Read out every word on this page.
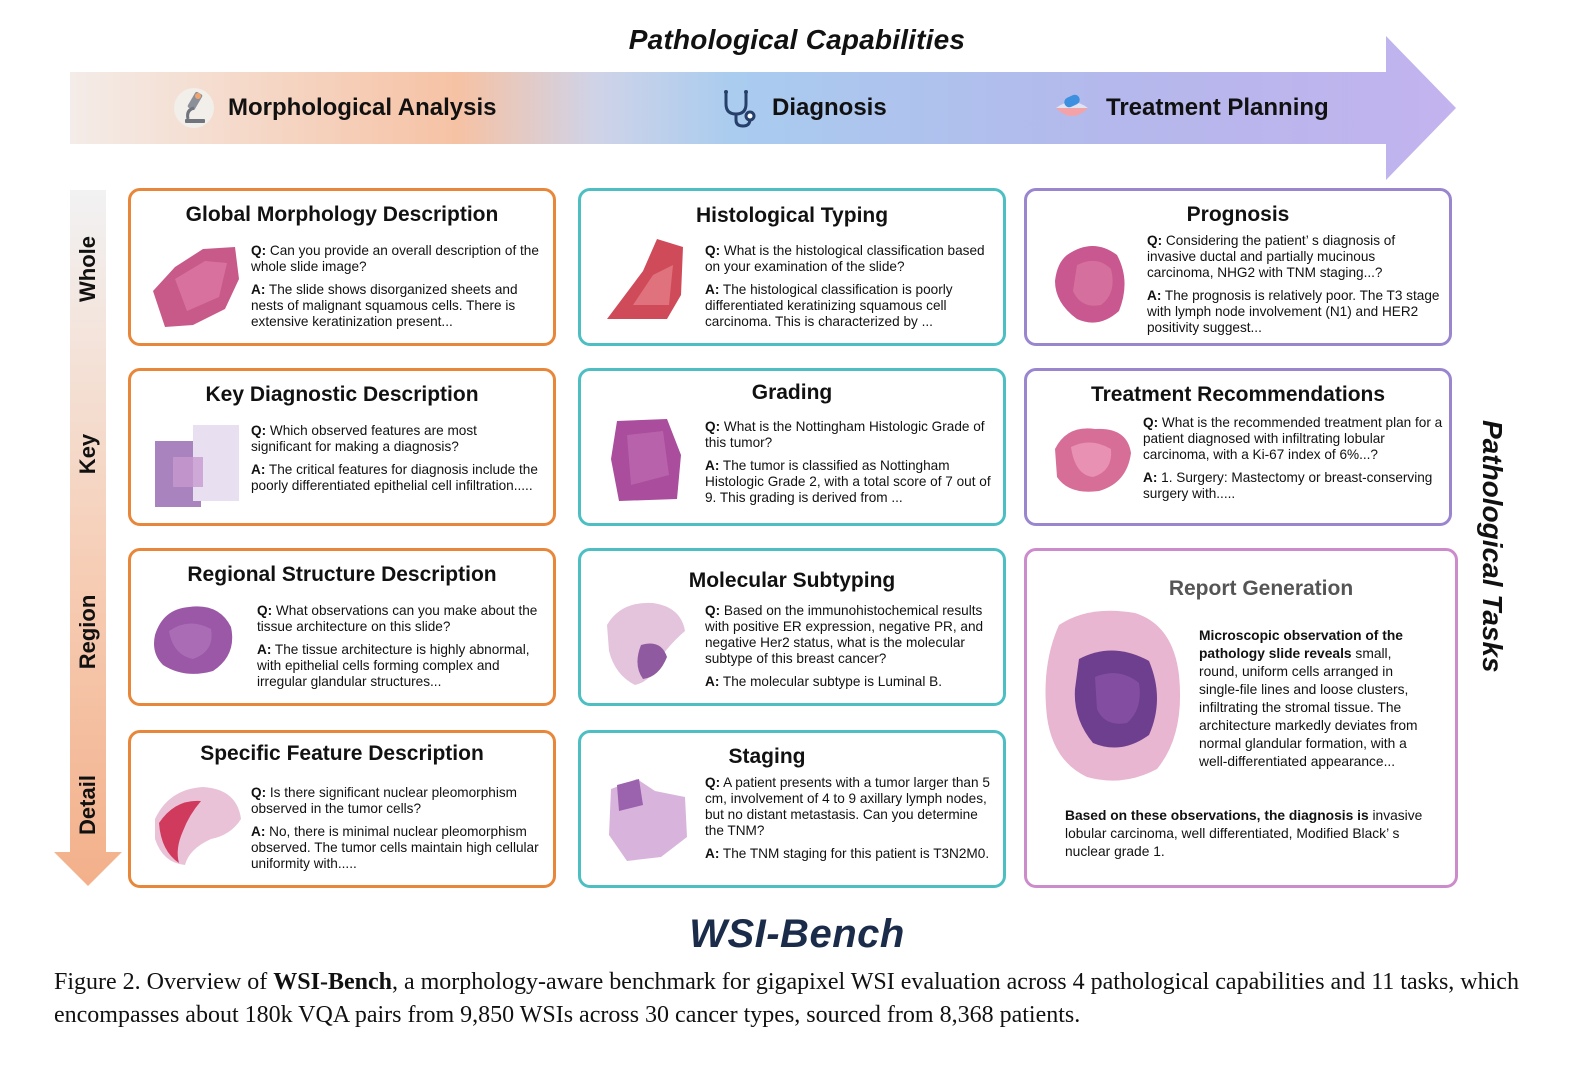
Pathological Capabilities
Morphological Analysis	Diagnosis	Treatment Planning
Whole
Key
Region
Detail
Pathological Tasks
Global Morphology Description

Q: Can you provide an overall description of the whole slide image?

A: The slide shows disorganized sheets and nests of malignant squamous cells. There is extensive keratinization present...

Histological Typing

Q: What is the histological classification based on your examination of the slide?

A: The histological classification is poorly differentiated keratinizing squamous cell carcinoma. This is characterized by ...

Prognosis

Q: Considering the patient’ s diagnosis of invasive ductal and partially mucinous carcinoma, NHG2 with TNM staging...?

A: The prognosis is relatively poor. The T3 stage with lymph node involvement (N1) and HER2 positivity suggest...

Key Diagnostic Description

Q: Which observed features are most significant for making a diagnosis?

A: The critical features for diagnosis include the poorly differentiated epithelial cell infiltration.....

Grading

Q: What is the Nottingham Histologic Grade of this tumor?

A: The tumor is classified as Nottingham Histologic Grade 2, with a total score of 7 out of 9. This grading is derived from ...

Treatment Recommendations

Q: What is the recommended treatment plan for a patient diagnosed with infiltrating lobular carcinoma, with a Ki-67 index of 6%...?

A: 1. Surgery: Mastectomy or breast-conserving surgery with.....

Regional Structure Description

Q: What observations can you make about the tissue architecture on this slide?

A: The tissue architecture is highly abnormal, with epithelial cells forming complex and irregular glandular structures...

Molecular Subtyping

Q: Based on the immunohistochemical results with positive ER expression, negative PR, and negative Her2 status, what is the molecular subtype of this breast cancer?

A: The molecular subtype is Luminal B.

Report Generation
Microscopic observation of the pathology slide reveals small, round, uniform cells arranged in single-file lines and loose clusters, infiltrating the stromal tissue. The architecture markedly deviates from normal glandular formation, with a well-differentiated appearance...
Based on these observations, the diagnosis is invasive lobular carcinoma, well differentiated, Modified Black’ s nuclear grade 1.
Specific Feature Description

Q: Is there significant nuclear pleomorphism observed in the tumor cells?

A: No, there is minimal nuclear pleomorphism observed. The tumor cells maintain high cellular uniformity with.....

Staging

Q: A patient presents with a tumor larger than 5 cm, involvement of 4 to 9 axillary lymph nodes, but no distant metastasis. Can you determine the TNM?

A: The TNM staging for this patient is T3N2M0.

WSI-Bench
Figure 2. Overview of WSI-Bench, a morphology-aware benchmark for gigapixel WSI evaluation across 4 pathological capabilities and 11 tasks, which encompasses about 180k VQA pairs from 9,850 WSIs across 30 cancer types, sourced from 8,368 patients.
